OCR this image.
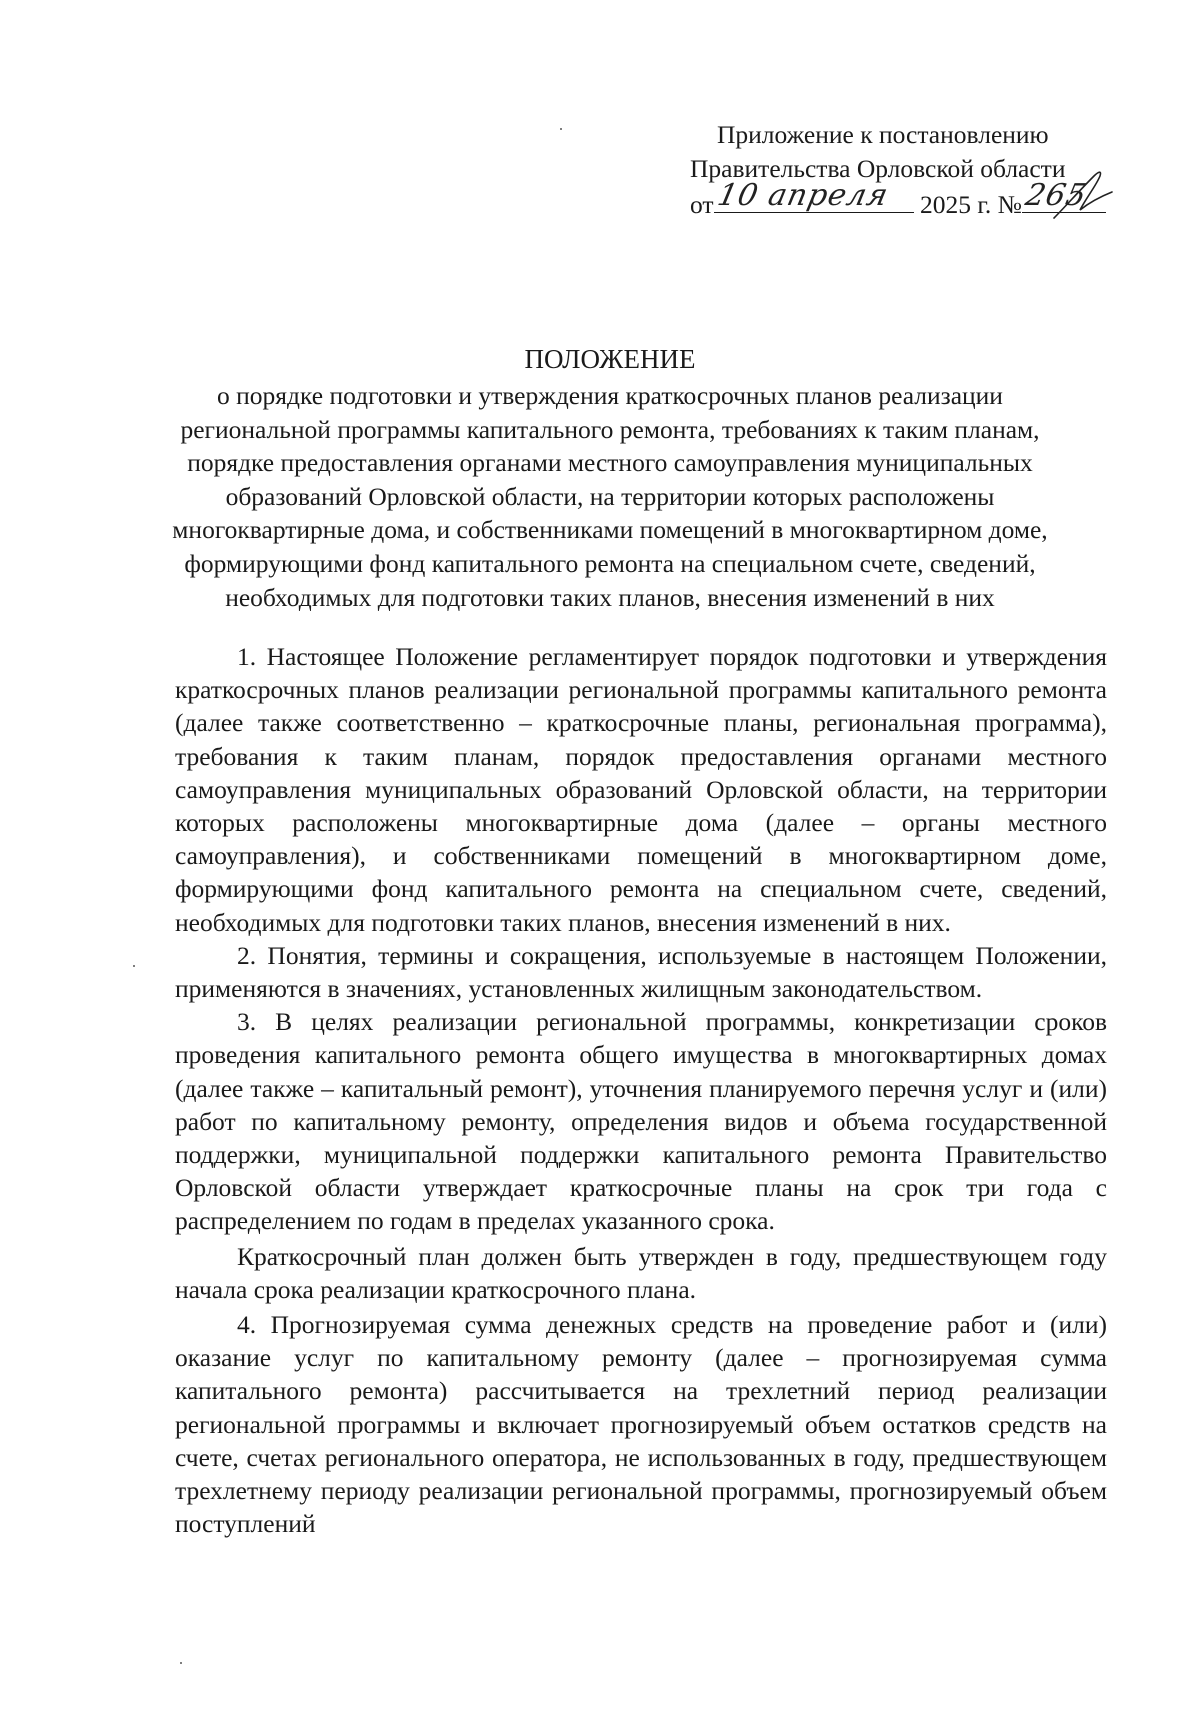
Приложение к постановлению
Правительства Орловской области
от 10 апреля 2025 г. № 265
ПОЛОЖЕНИЕ
о порядке подготовки и утверждения краткосрочных планов реализации
региональной программы капитального ремонта, требованиях к таким планам,
порядке предоставления органами местного самоуправления муниципальных
образований Орловской области, на территории которых расположены
многоквартирные дома, и собственниками помещений в многоквартирном доме,
формирующими фонд капитального ремонта на специальном счете, сведений,
необходимых для подготовки таких планов, внесения изменений в них

1. Настоящее Положение регламентирует порядок подготовки и утверждения краткосрочных планов реализации региональной программы капитального ремонта (далее также соответственно – краткосрочные планы, региональная программа), требования к таким планам, порядок предоставления органами местного самоуправления муниципальных образований Орловской области, на территории которых расположены многоквартирные дома (далее – органы местного самоуправления), и собственниками помещений в многоквартирном доме, формирующими фонд капитального ремонта на специальном счете, сведений, необходимых для подготовки таких планов, внесения изменений в них.

2. Понятия, термины и сокращения, используемые в настоящем Положении, применяются в значениях, установленных жилищным законодательством.

3. В целях реализации региональной программы, конкретизации сроков проведения капитального ремонта общего имущества в многоквартирных домах (далее также – капитальный ремонт), уточнения планируемого перечня услуг и (или) работ по капитальному ремонту, определения видов и объема государственной поддержки, муниципальной поддержки капитального ремонта Правительство Орловской области утверждает краткосрочные планы на срок три года с распределением по годам в пределах указанного срока.

Краткосрочный план должен быть утвержден в году, предшествующем году начала срока реализации краткосрочного плана.

4. Прогнозируемая сумма денежных средств на проведение работ и (или) оказание услуг по капитальному ремонту (далее – прогнозируемая сумма капитального ремонта) рассчитывается на трехлетний период реализации региональной программы и включает прогнозируемый объем остатков средств на счете, счетах регионального оператора, не использованных в году, предшествующем трехлетнему периоду реализации региональной программы, прогнозируемый объем поступлений
